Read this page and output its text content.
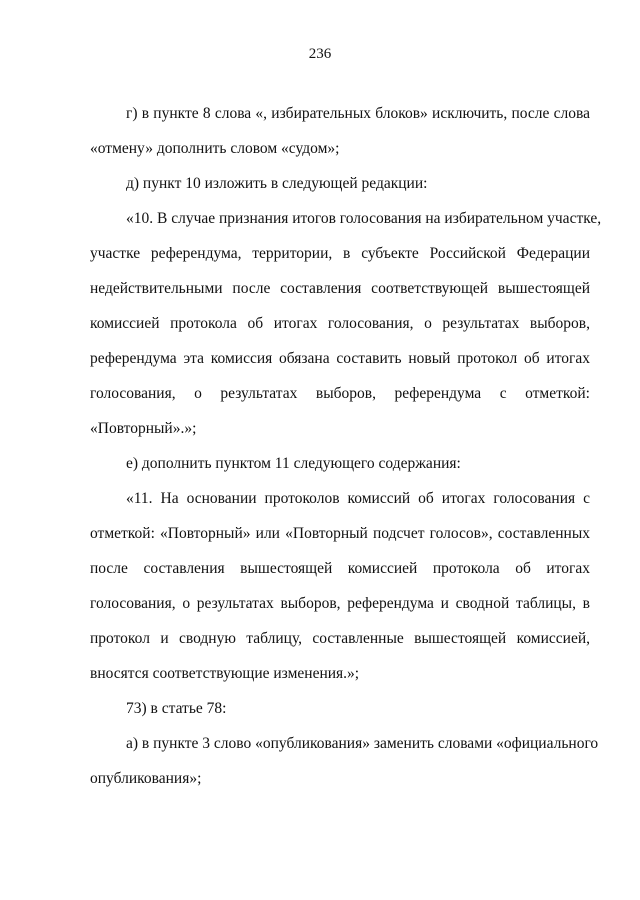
236
г) в пункте 8 слова «, избирательных блоков» исключить, после слова
«отмену» дополнить словом «судом»;
д) пункт 10 изложить в следующей редакции:
«10. В случае признания итогов голосования на избирательном участке,
участке референдума, территории, в субъекте Российской Федерации
недействительными после составления соответствующей вышестоящей
комиссией протокола об итогах голосования, о результатах выборов,
референдума эта комиссия обязана составить новый протокол об итогах
голосования, о результатах выборов, референдума с отметкой:
«Повторный».»;
е) дополнить пунктом 11 следующего содержания:
«11. На основании протоколов комиссий об итогах голосования с
отметкой: «Повторный» или «Повторный подсчет голосов», составленных
после составления вышестоящей комиссией протокола об итогах
голосования, о результатах выборов, референдума и сводной таблицы, в
протокол и сводную таблицу, составленные вышестоящей комиссией,
вносятся соответствующие изменения.»;
73) в статье 78:
а) в пункте 3 слово «опубликования» заменить словами «официального
опубликования»;
